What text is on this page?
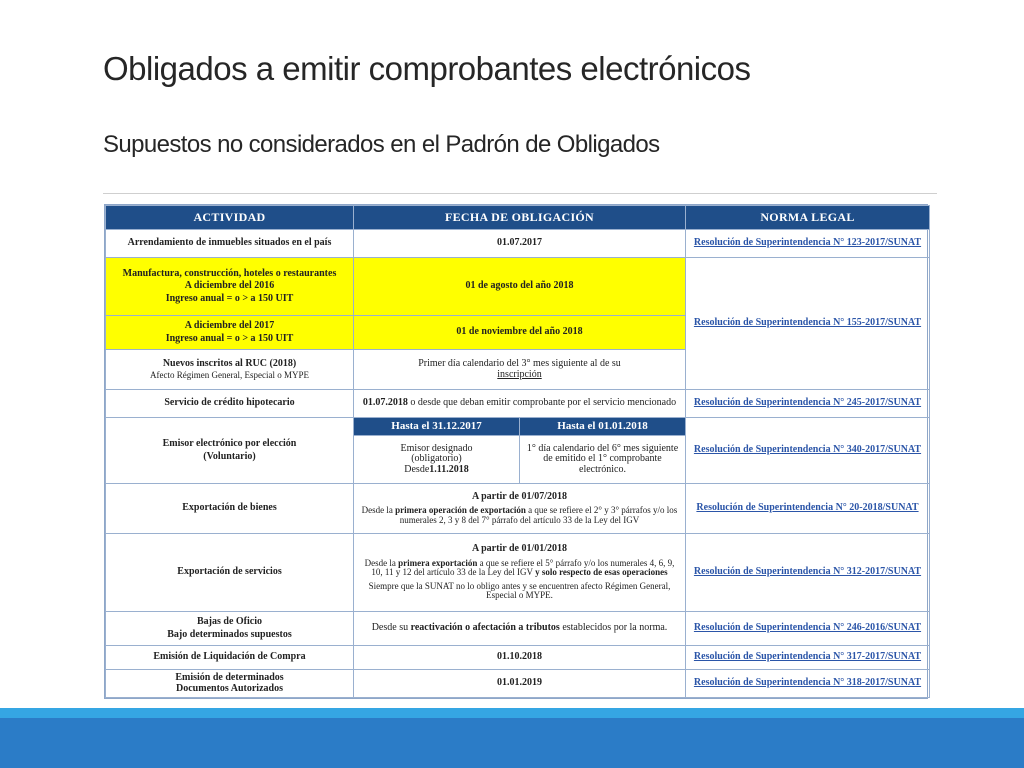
Obligados a emitir comprobantes electrónicos
Supuestos no considerados en el Padrón de Obligados
ACTIVIDAD	FECHA DE OBLIGACIÓN		NORMA LEGAL
Arrendamiento de inmuebles situados en el país	01.07.2017		Resolución de Superintendencia N° 123-2017/SUNAT

Manufactura, construcción, hoteles o restaurantes
A diciembre del 2016
Ingreso anual = o > a 150 UIT	01 de agosto del año 2018		Resolución de Superintendencia N° 155-2017/SUNAT

A diciembre del 2017
Ingreso anual = o > a 150 UIT	01 de noviembre del año 2018		

Nuevos inscritos al RUC (2018)
Afecto Régimen General, Especial o MYPE	Primer día calendario del 3° mes siguiente al de su
inscripción		
Servicio de crédito hipotecario	01.07.2018 o desde que deban emitir comprobante por el servicio mencionado		Resolución de Superintendencia N° 245-2017/SUNAT

Emisor electrónico por elección
(Voluntario)	Hasta el 31.12.2017	Hasta el 01.01.2018	Resolución de Superintendencia N° 340-2017/SUNAT
	Emisor designado
(obligatorio)
Desde1.11.2018	1° día calendario del 6° mes siguiente de emitido el 1° comprobante electrónico.	
Exportación de bienes	A partir de 01/07/2018
Desde la primera operación de exportación a que se refiere el 2° y 3° párrafos y/o los numerales 2, 3 y 8 del 7° párrafo del artículo 33 de la Ley del IGV		Resolución de Superintendencia N° 20-2018/SUNAT
Exportación de servicios	A partir de 01/01/2018
Desde la primera exportación a que se refiere el 5° párrafo y/o los numerales 4, 6, 9, 10, 11 y 12 del artículo 33 de la Ley del IGV y solo respecto de esas operaciones
Siempre que la SUNAT no lo obligo antes y se encuentren afecto Régimen General, Especial o MYPE.		Resolución de Superintendencia N° 312-2017/SUNAT

Bajas de Oficio
Bajo determinados supuestos	Desde su reactivación o afectación a tributos establecidos por la norma.		Resolución de Superintendencia N° 246-2016/SUNAT
Emisión de Liquidación de Compra	01.10.2018		Resolución de Superintendencia N° 317-2017/SUNAT
Emisión de determinados
Documentos Autorizados	01.01.2019		Resolución de Superintendencia N° 318-2017/SUNAT
